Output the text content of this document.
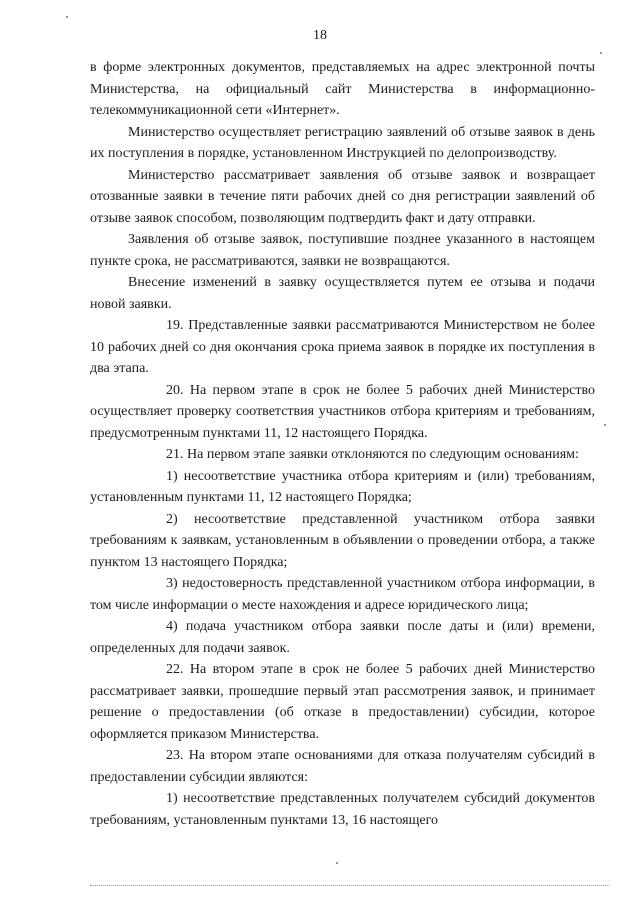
18

в форме электронных документов, представляемых на адрес электронной почты Министерства, на официальный сайт Министерства в информационно-телекоммуникационной сети «Интернет».

Министерство осуществляет регистрацию заявлений об отзыве заявок в день их поступления в порядке, установленном Инструкцией по делопроизводству.

Министерство рассматривает заявления об отзыве заявок и возвращает отозванные заявки в течение пяти рабочих дней со дня регистрации заявлений об отзыве заявок способом, позволяющим подтвердить факт и дату отправки.

Заявления об отзыве заявок, поступившие позднее указанного в настоящем пункте срока, не рассматриваются, заявки не возвращаются.

Внесение изменений в заявку осуществляется путем ее отзыва и подачи новой заявки.

19. Представленные заявки рассматриваются Министерством не более 10 рабочих дней со дня окончания срока приема заявок в порядке их поступления в два этапа.

20. На первом этапе в срок не более 5 рабочих дней Министерство осуществляет проверку соответствия участников отбора критериям и требованиям, предусмотренным пунктами 11, 12 настоящего Порядка.

21. На первом этапе заявки отклоняются по следующим основаниям:

1) несоответствие участника отбора критериям и (или) требованиям, установленным пунктами 11, 12 настоящего Порядка;

2) несоответствие представленной участником отбора заявки требованиям к заявкам, установленным в объявлении о проведении отбора, а также пунктом 13 настоящего Порядка;

3) недостоверность представленной участником отбора информации, в том числе информации о месте нахождения и адресе юридического лица;

4) подача участником отбора заявки после даты и (или) времени, определенных для подачи заявок.

22. На втором этапе в срок не более 5 рабочих дней Министерство рассматривает заявки, прошедшие первый этап рассмотрения заявок, и принимает решение о предоставлении (об отказе в предоставлении) субсидии, которое оформляется приказом Министерства.

23. На втором этапе основаниями для отказа получателям субсидий в предоставлении субсидии являются:

1) несоответствие представленных получателем субсидий документов требованиям, установленным пунктами 13, 16 настоящего
